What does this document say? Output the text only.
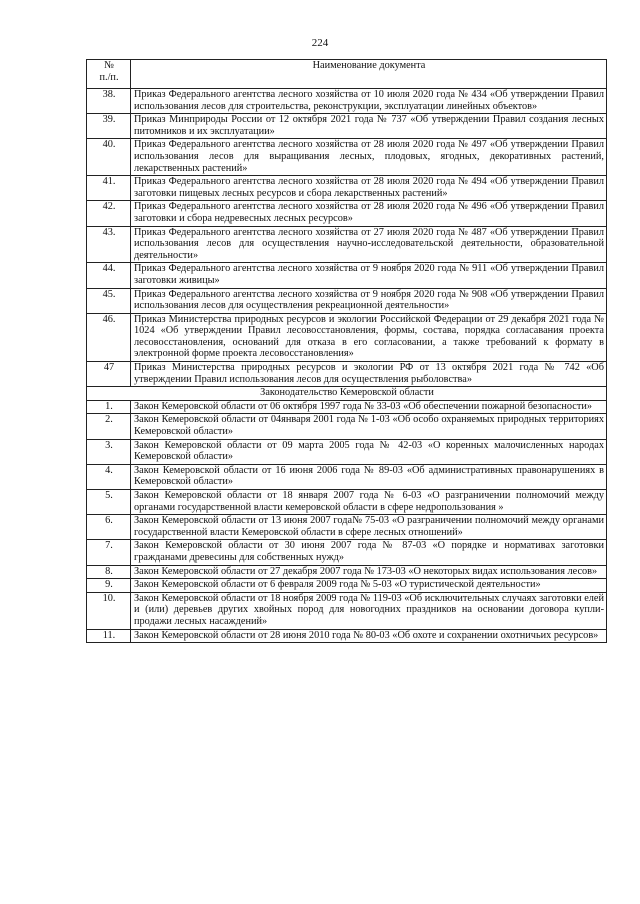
224
№
п./п.	Наименование документа
38.	Приказ Федерального агентства лесного хозяйства от 10 июля 2020 года № 434 «Об утверждении Правил использования лесов для строительства, реконструкции, эксплуатации линейных объектов»
39.	Приказ Минприроды России от 12 октября 2021 года № 737 «Об утверждении Правил создания лесных питомников и их эксплуатации»
40.	Приказ Федерального агентства лесного хозяйства от 28 июля 2020 года № 497 «Об утверждении Правил использования лесов для выращивания лесных, плодовых, ягодных, декоративных растений, лекарственных растений»
41.	Приказ Федерального агентства лесного хозяйства от 28 июля 2020 года № 494 «Об утверждении Правил заготовки пищевых лесных ресурсов и сбора лекарственных растений»
42.	Приказ Федерального агентства лесного хозяйства от 28 июля 2020 года № 496 «Об утверждении Правил заготовки и сбора недревесных лесных ресурсов»
43.	Приказ Федерального агентства лесного хозяйства от 27 июля 2020 года № 487 «Об утверждении Правил использования лесов для осуществления научно-исследовательской деятельности, образовательной деятельности»
44.	Приказ Федерального агентства лесного хозяйства от 9 ноября 2020 года № 911 «Об утверждении Правил заготовки живицы»
45.	Приказ Федерального агентства лесного хозяйства от 9 ноября 2020 года № 908 «Об утверждении Правил использования лесов для осуществления рекреационной деятельности»
46.	Приказ Министерства природных ресурсов и экологии Российской Федерации от 29 декабря 2021 года № 1024 «Об утверждении Правил лесовосстановления, формы, состава, порядка согласавания проекта лесовосстановления, оснований для отказа в его согласовании, а также требований к формату в электронной форме проекта лесовосстановления»
47	Приказ Министерства природных ресурсов и экологии РФ от 13 октября 2021 года № 742 «Об утверждении Правил использования лесов для осуществления рыболовства»
Законодательство Кемеровской области	
1.	Закон Кемеровской области от 06 октября 1997 года № 33-03 «Об обеспечении пожарной безопасности»
2.	Закон Кемеровской области от 04января 2001 года № 1-03 «Об особо охраняемых природных территориях Кемеровской области»
3.	Закон Кемеровской области от 09 марта 2005 года № 42-03 «О коренных малочисленных народах Кемеровской области»
4.	Закон Кемеровской области от 16 июня 2006 года № 89-03 «Об административных правонарушениях в Кемеровской области»
5.	Закон Кемеровской области от 18 января 2007 года № 6-03 «О разграничении полномочий между органами государственной власти кемеровской области в сфере недропользования »
6.	Закон Кемеровской области от 13 июня 2007 года№ 75-03 «О разграничении полномочий между органами государственной власти Кемеровской области в сфере лесных отношений»
7.	Закон Кемеровской области от 30 июня 2007 года № 87-03 «О порядке и нормативах заготовки гражданами древесины для собственных нужд»
8.	Закон Кемеровской области от 27 декабря 2007 года № 173-03 «О некоторых видах использования лесов»
9.	Закон Кемеровской области от 6 февраля 2009 года № 5-03 «О туристической деятельности»
10.	Закон Кемеровской области от 18 ноября 2009 года № 119-03 «Об исключительных случаях заготовки елей и (или) деревьев других хвойных пород для новогодних праздников на основании договора купли-продажи лесных насаждений»
11.	Закон Кемеровской области от 28 июня 2010 года № 80-03 «Об охоте и сохранении охотничьих ресурсов»
